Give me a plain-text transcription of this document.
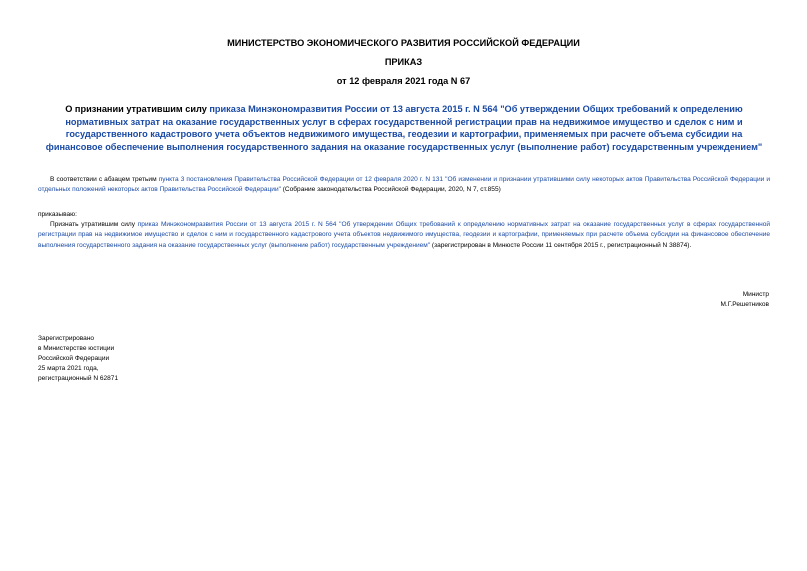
МИНИСТЕРСТВО ЭКОНОМИЧЕСКОГО РАЗВИТИЯ РОССИЙСКОЙ ФЕДЕРАЦИИ
ПРИКАЗ
от 12 февраля 2021 года N 67
О признании утратившим силу приказа Минэкономразвития России от 13 августа 2015 г. N 564 "Об утверждении Общих требований к определению нормативных затрат на оказание государственных услуг в сферах государственной регистрации прав на недвижимое имущество и сделок с ним и государственного кадастрового учета объектов недвижимого имущества, геодезии и картографии, применяемых при расчете объема субсидии на финансовое обеспечение выполнения государственного задания на оказание государственных услуг (выполнение работ) государственным учреждением"
В соответствии с абзацем третьим пункта 3 постановления Правительства Российской Федерации от 12 февраля 2020 г. N 131 "Об изменении и признании утратившими силу некоторых актов Правительства Российской Федерации и отдельных положений некоторых актов Правительства Российской Федерации" (Собрание законодательства Российской Федерации, 2020, N 7, ст.855)
приказываю:
Признать утратившим силу приказ Минэкономразвития России от 13 августа 2015 г. N 564 "Об утверждении Общих требований к определению нормативных затрат на оказание государственных услуг в сферах государственной регистрации прав на недвижимое имущество и сделок с ним и государственного кадастрового учета объектов недвижимого имущества, геодезии и картографии, применяемых при расчете объема субсидии на финансовое обеспечение выполнения государственного задания на оказание государственных услуг (выполнение работ) государственным учреждением" (зарегистрирован в Минюсте России 11 сентября 2015 г., регистрационный N 38874).
Министр
М.Г.Решетников
Зарегистрировано
в Министерстве юстиции
Российской Федерации
25 марта 2021 года,
регистрационный N 62871
